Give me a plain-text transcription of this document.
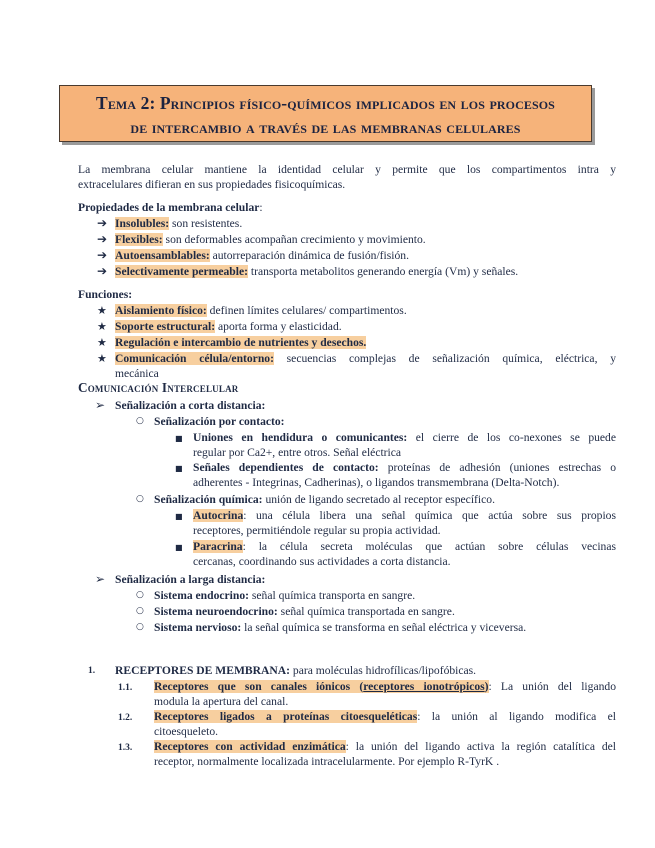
Tema 2: Principios físico-químicos implicados en los procesos
de intercambio a través de las membranas celulares
La membrana celular mantiene la identidad celular y permite que los compartimentos intra y
extracelulares difieran en sus propiedades fisicoquímicas.
Propiedades de la membrana celular:
➔ Insolubles: son resistentes.
➔ Flexibles: son deformables acompañan crecimiento y movimiento.
➔ Autoensamblables: autorreparación dinámica de fusión/fisión.
➔ Selectivamente permeable: transporta metabolitos generando energía (Vm) y señales.
Funciones:
★ Aislamiento físico: definen límites celulares/ compartimentos.
★ Soporte estructural: aporta forma y elasticidad.
★ Regulación e intercambio de nutrientes y desechos.
★ Comunicación célula/entorno: secuencias complejas de señalización química, eléctrica, y
mecánica
Comunicación Intercelular
➢ Señalización a corta distancia:
○ Señalización por contacto:
■ Uniones en hendidura o comunicantes: el cierre de los co-nexones se puede
regular por Ca2+, entre otros. Señal eléctrica
■ Señales dependientes de contacto: proteínas de adhesión (uniones estrechas o
adherentes - Integrinas, Cadherinas), o ligandos transmembrana (Delta-Notch).
○ Señalización química: unión de ligando secretado al receptor específico.
■ Autocrina: una célula libera una señal química que actúa sobre sus propios
receptores, permitiéndole regular su propia actividad.
■ Paracrina: la célula secreta moléculas que actúan sobre células vecinas
cercanas, coordinando sus actividades a corta distancia.
➢ Señalización a larga distancia:
○ Sistema endocrino: señal química transporta en sangre.
○ Sistema neuroendocrino: señal química transportada en sangre.
○ Sistema nervioso: la señal química se transforma en señal eléctrica y viceversa.
1. RECEPTORES DE MEMBRANA: para moléculas hidrofílicas/lipofóbicas.
1.1. Receptores que son canales iónicos (receptores ionotrópicos): La unión del ligando
modula la apertura del canal.
1.2. Receptores ligados a proteínas citoesqueléticas: la unión al ligando modifica el
citoesqueleto.
1.3. Receptores con actividad enzimática: la unión del ligando activa la región catalítica del
receptor, normalmente localizada intracelularmente. Por ejemplo R-TyrK .
